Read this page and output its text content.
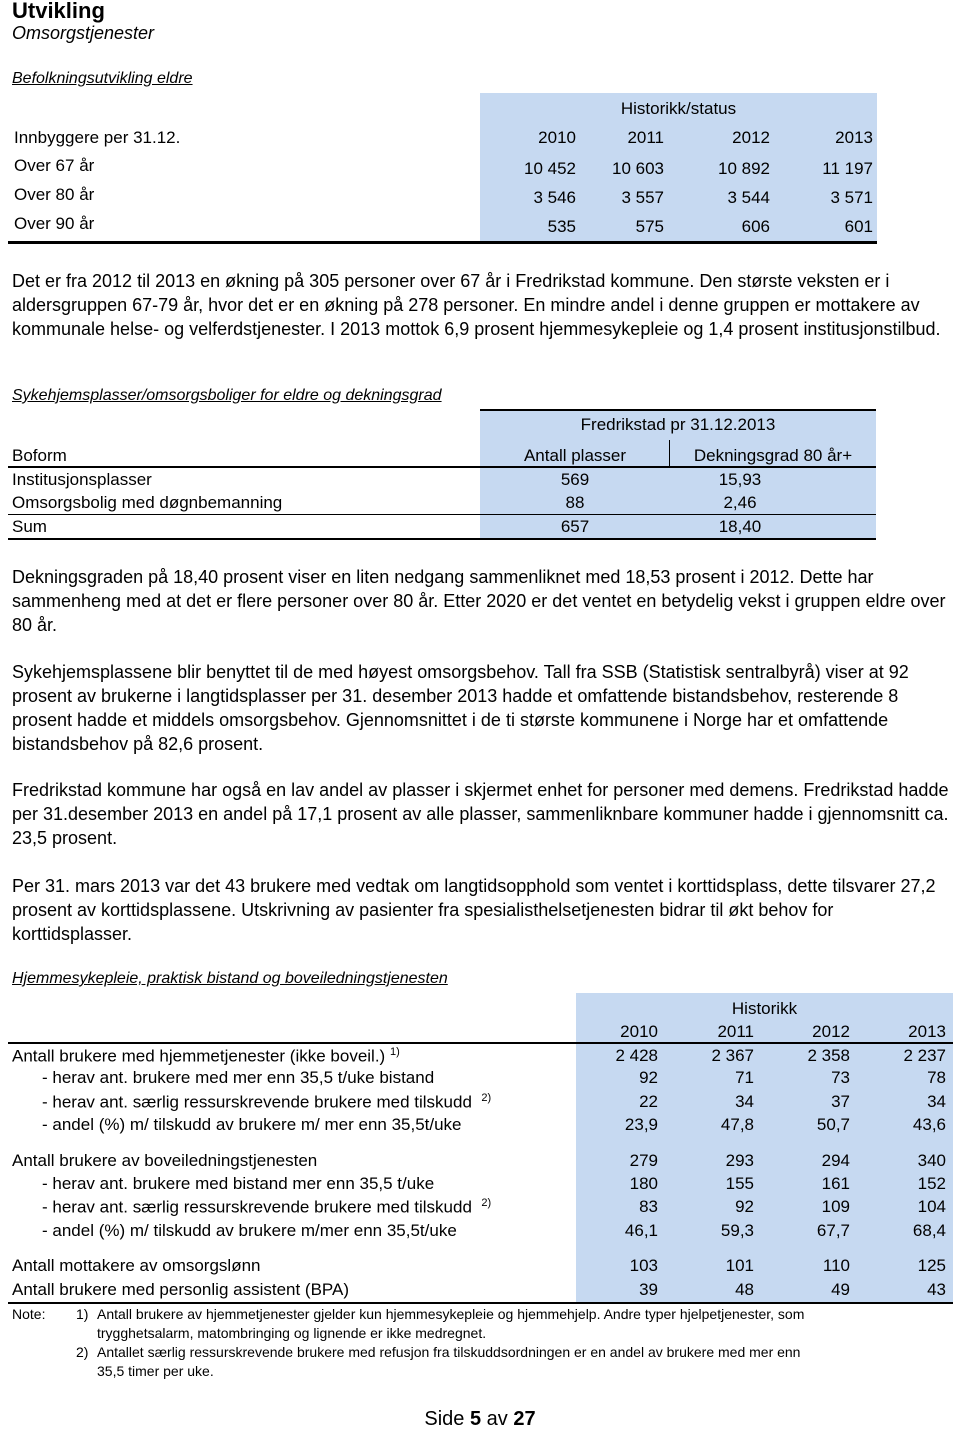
Utvikling
Omsorgstjenester
Befolkningsutvikling eldre
Historikk/status
Innbyggere per 31.12.	2010	2011	2012	2013
Over 67 år	10 452	10 603	10 892	11 197
Over 80 år	3 546	3 557	3 544	3 571
Over 90 år	535	575	606	601

Det er fra 2012 til 2013 en økning på 305 personer over 67 år i Fredrikstad kommune. Den største veksten er i aldersgruppen 67-79 år, hvor det er en økning på 278 personer. En mindre andel i denne gruppen er mottakere av kommunale helse- og velferdstjenester. I 2013 mottok 6,9 prosent hjemmesykepleie og 1,4 prosent institusjonstilbud.

Sykehjemsplasser/omsorgsboliger for eldre og dekningsgrad
Fredrikstad pr 31.12.2013
Boform	Antall plasser	Dekningsgrad 80 år+
Institusjonsplasser	569	15,93
Omsorgsbolig med døgnbemanning	88	2,46
Sum	657	18,40

Dekningsgraden på 18,40 prosent viser en liten nedgang sammenliknet med 18,53 prosent i 2012. Dette har sammenheng med at det er flere personer over 80 år. Etter 2020 er det ventet en betydelig vekst i gruppen eldre over 80 år.

Sykehjemsplassene blir benyttet til de med høyest omsorgsbehov. Tall fra SSB (Statistisk sentralbyrå) viser at 92 prosent av brukerne i langtidsplasser per 31. desember 2013 hadde et omfattende bistandsbehov, resterende 8 prosent hadde et middels omsorgsbehov. Gjennomsnittet i de ti største kommunene i Norge har et omfattende bistandsbehov på 82,6 prosent.

Fredrikstad kommune har også en lav andel av plasser i skjermet enhet for personer med demens. Fredrikstad hadde per 31.desember 2013 en andel på 17,1 prosent av alle plasser, sammenliknbare kommuner hadde i gjennomsnitt ca. 23,5 prosent.

Per 31. mars 2013 var det 43 brukere med vedtak om langtidsopphold som ventet i korttidsplass, dette tilsvarer 27,2 prosent av korttidsplassene. Utskrivning av pasienter fra spesialisthelsetjenesten bidrar til økt behov for korttidsplasser.

Hjemmesykepleie, praktisk bistand og boveiledningstjenesten
Historikk
2010	2011	2012	2013
Antall brukere med hjemmetjenester (ikke boveil.) $^{1)}$	2 428	2 367	2 358	2 237
- herav ant. brukere med mer enn 35,5 t/uke bistand	92	71	73	78
- herav ant. særlig ressurskrevende brukere med tilskudd $^{2)}$	22	34	37	34
- andel (%) m/ tilskudd av brukere m/ mer enn 35,5t/uke	23,9	47,8	50,7	43,6
Antall brukere av boveiledningstjenesten	279	293	294	340
- herav ant. brukere med bistand mer enn 35,5 t/uke	180	155	161	152
- herav ant. særlig ressurskrevende brukere med tilskudd $^{2)}$	83	92	109	104
- andel (%) m/ tilskudd av brukere m/mer enn 35,5t/uke	46,1	59,3	67,7	68,4
Antall mottakere av omsorgslønn	103	101	110	125
Antall brukere med personlig assistent (BPA)	39	48	49	43
Note: 1) Antall brukere av hjemmetjenester gjelder kun hjemmesykepleie og hjemmehjelp. Andre typer hjelpetjenester, som
trygghetsalarm, matombringing og lignende er ikke medregnet.
2) Antallet særlig ressurskrevende brukere med refusjon fra tilskuddsordningen er en andel av brukere med mer enn
35,5 timer per uke.
Side 5 av 27
